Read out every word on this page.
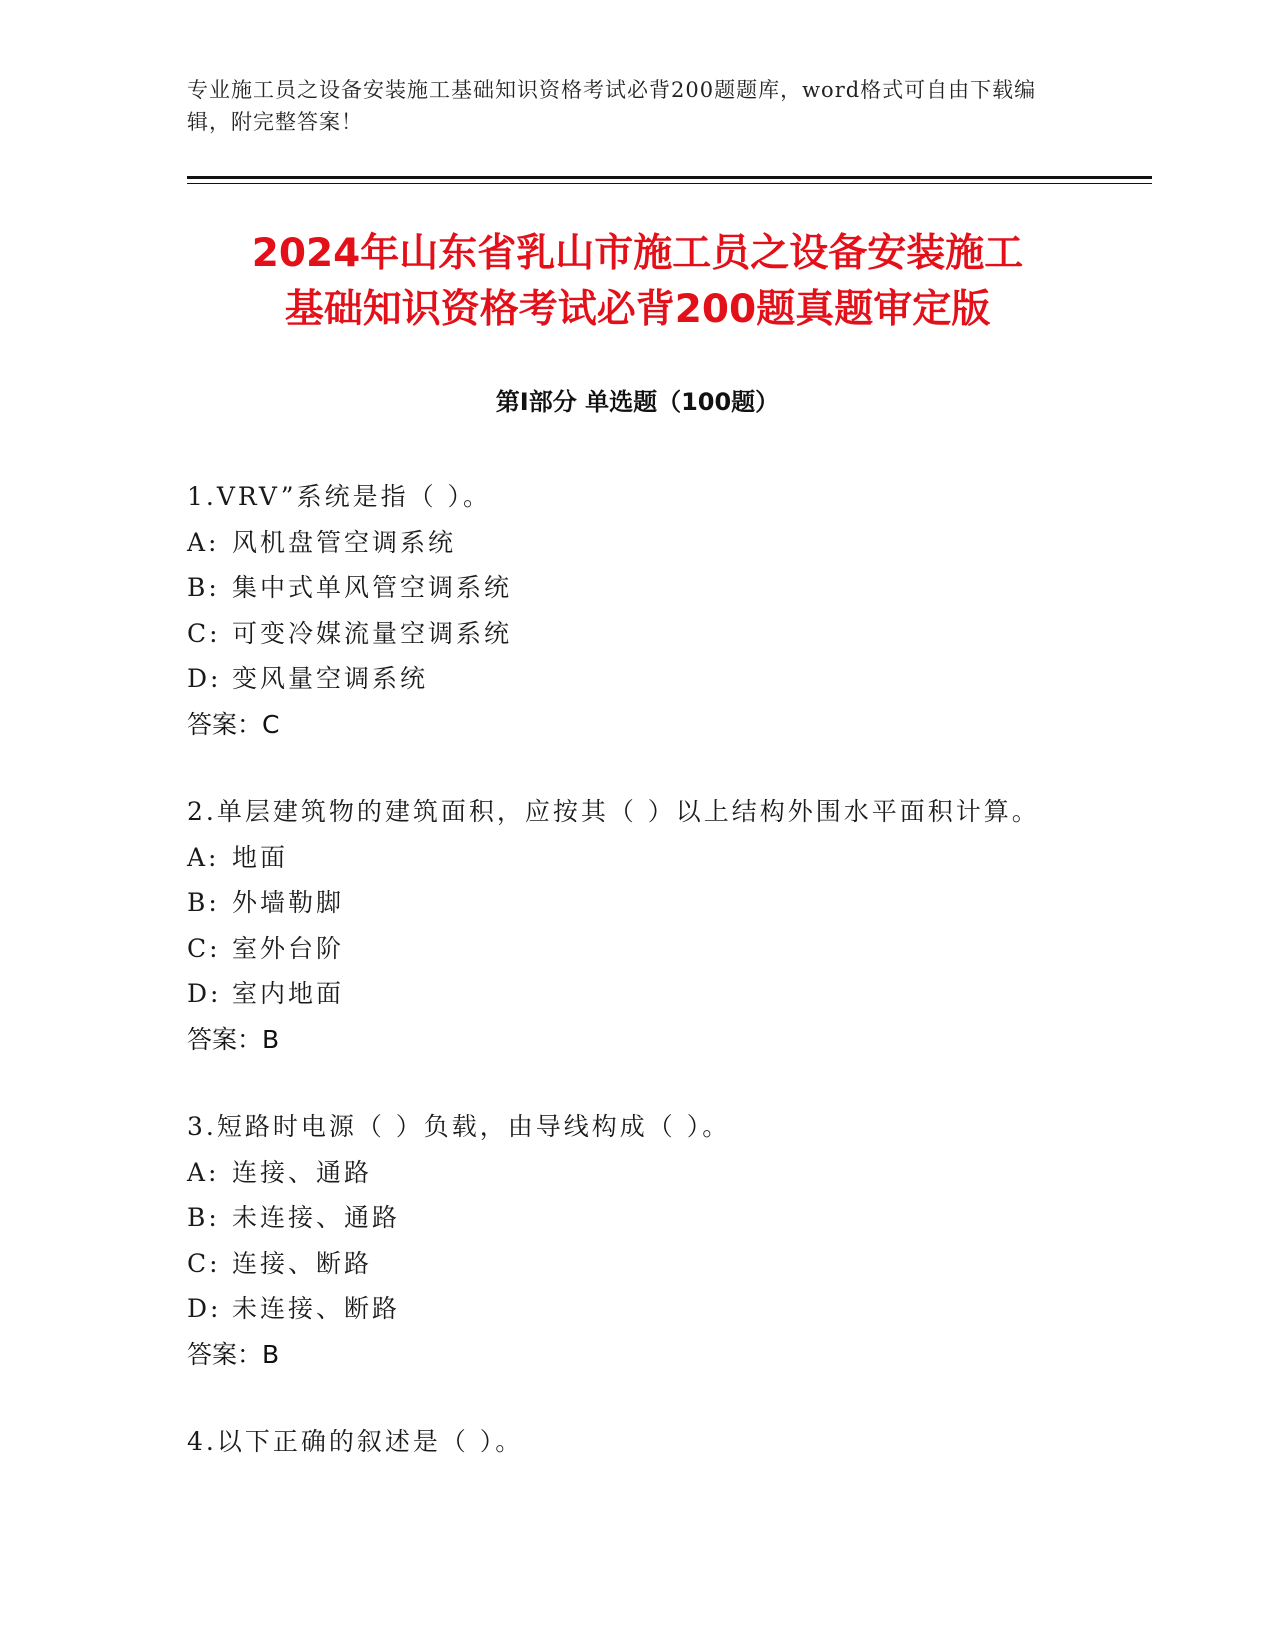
专业施工员之设备安装施工基础知识资格考试必背200题题库，word格式可自由下载编辑，附完整答案！
2024年山东省乳山市施工员之设备安装施工
基础知识资格考试必背200题真题审定版
第Ⅰ部分 单选题（100题）
1.VRV”系统是指（ ）。
A: 风机盘管空调系统
B: 集中式单风管空调系统
C: 可变冷媒流量空调系统
D: 变风量空调系统
答案：C
2.单层建筑物的建筑面积，应按其（ ）以上结构外围水平面积计算。
A: 地面
B: 外墙勒脚
C: 室外台阶
D: 室内地面
答案：B
3.短路时电源（ ）负载，由导线构成（ ）。
A: 连接、通路
B: 未连接、通路
C: 连接、断路
D: 未连接、断路
答案：B
4.以下正确的叙述是（ ）。
